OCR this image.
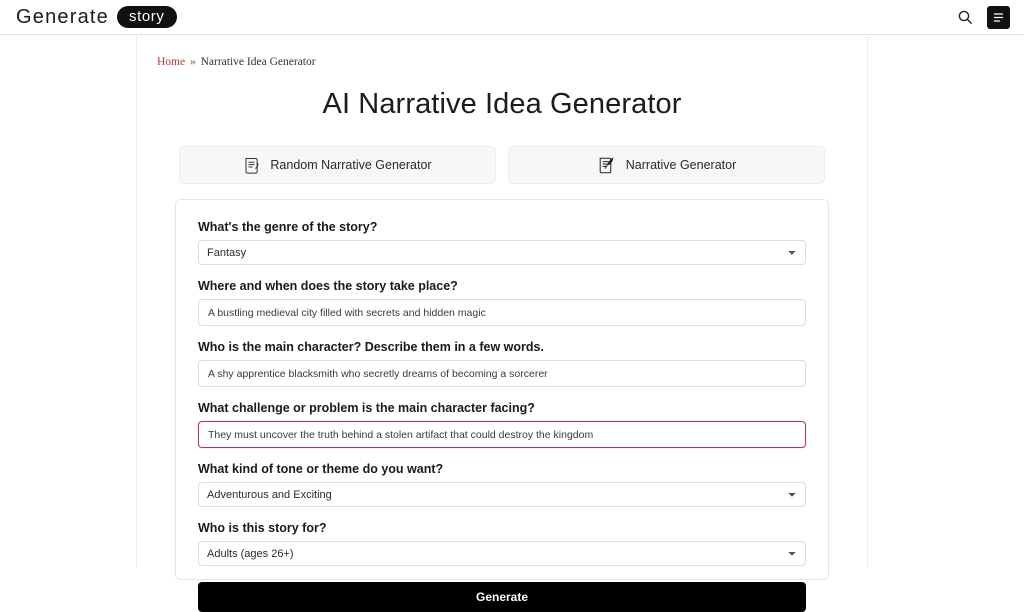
Generate	story
Home » Narrative Idea Generator
AI Narrative Idea Generator
Random Narrative Generator	Narrative Generator
What's the genre of the story?
Fantasy
Where and when does the story take place?
A bustling medieval city filled with secrets and hidden magic
Who is the main character? Describe them in a few words.
A shy apprentice blacksmith who secretly dreams of becoming a sorcerer
What challenge or problem is the main character facing?
They must uncover the truth behind a stolen artifact that could destroy the kingdom
What kind of tone or theme do you want?
Adventurous and Exciting
Who is this story for?
Adults (ages 26+) Generate
